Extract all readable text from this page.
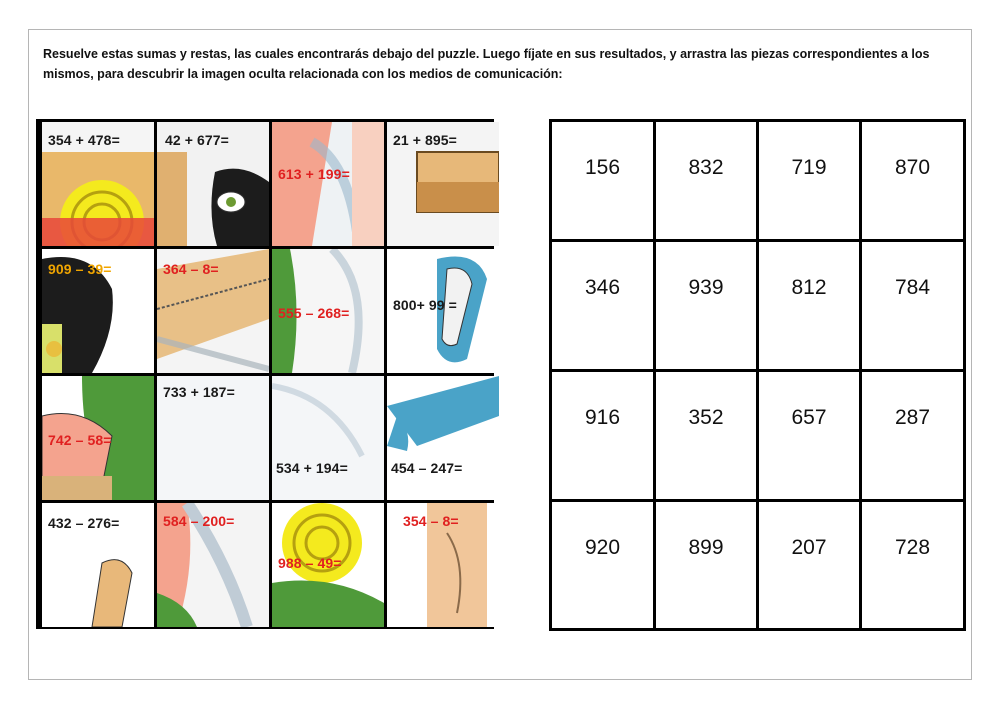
Resuelve estas sumas y restas, las cuales encontrarás debajo del puzzle. Luego fíjate en sus resultados, y arrastra las piezas correspondientes a los mismos, para descubrir la imagen oculta relacionada con los medios de comunicación:

354 + 478=	42 + 677=
613 + 199=
21 + 895=
909 – 39=	364 – 8=
555 – 268=	800+ 99 =
742 – 58=
733 + 187=
534 + 194=	454 – 247=
432 – 276=	584 – 200=
988 – 49=
354 – 8=
156	832	719	870
346	939	812	784
916	352	657	287
920	899	207	728
